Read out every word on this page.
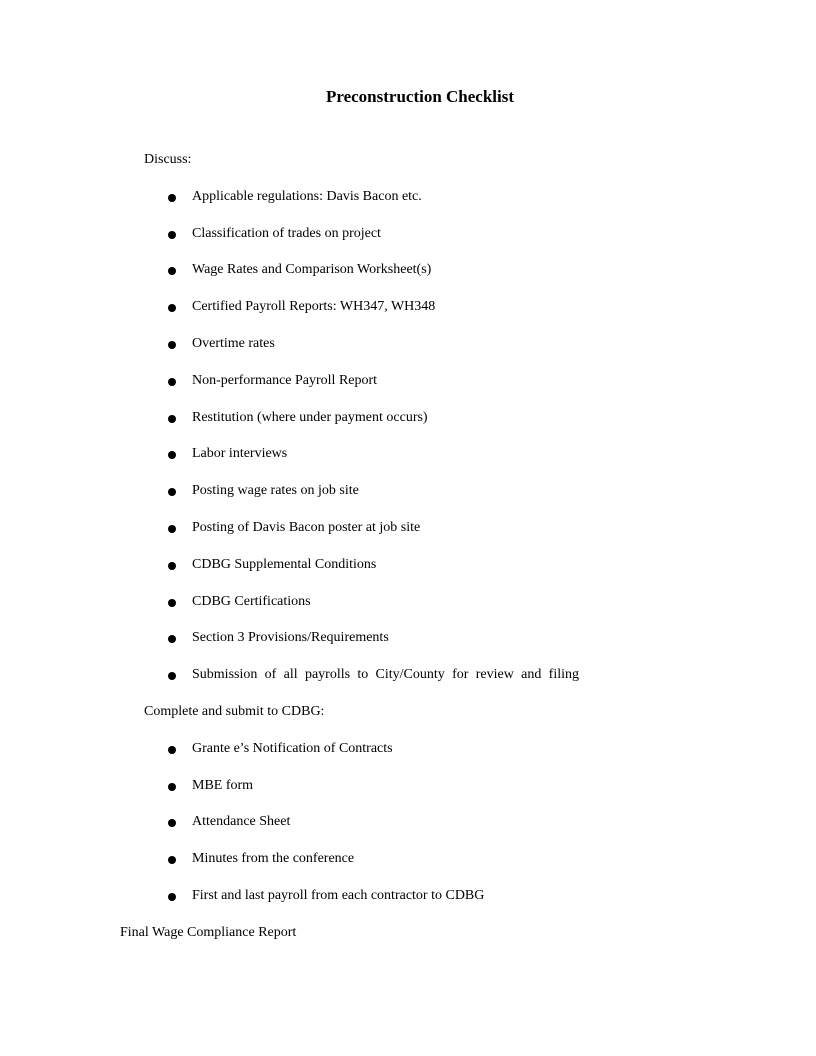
Preconstruction Checklist
Discuss:
Applicable regulations: Davis Bacon etc.
Classification of trades on project
Wage Rates and Comparison Worksheet(s)
Certified Payroll Reports: WH347, WH348
Overtime rates
Non-performance Payroll Report
Restitution (where under payment occurs)
Labor interviews
Posting wage rates on job site
Posting of Davis Bacon poster at job site
CDBG Supplemental Conditions
CDBG Certifications
Section 3 Provisions/Requirements
Submission of all payrolls to City/County for review and filing
Complete and submit to CDBG:
Grante e’s Notification of Contracts
MBE form
Attendance Sheet
Minutes from the conference
First and last payroll from each contractor to CDBG
Final Wage Compliance Report
